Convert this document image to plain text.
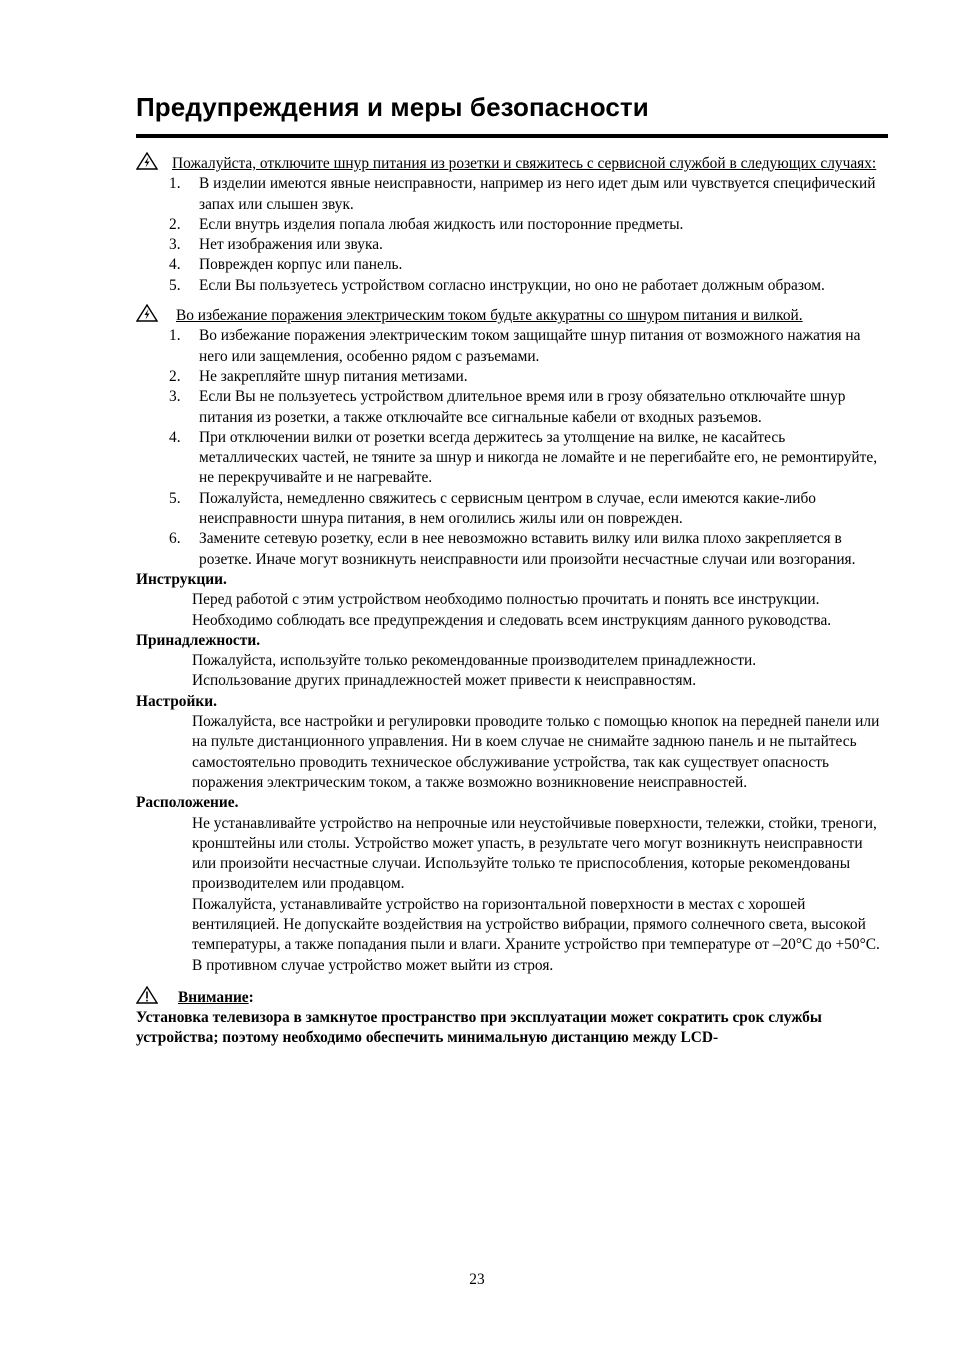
Предупреждения и меры безопасности
Пожалуйста, отключите шнур питания из розетки и свяжитесь с сервисной службой в следующих случаях:
1. В изделии имеются явные неисправности, например из него идет дым или чувствуется специфический запах или слышен звук.
2. Если внутрь изделия попала любая жидкость или посторонние предметы.
3. Нет изображения или звука.
4. Поврежден корпус или панель.
5. Если Вы пользуетесь устройством согласно инструкции, но оно не работает должным образом.
Во избежание поражения электрическим током будьте аккуратны со шнуром питания и вилкой.
1. Во избежание поражения электрическим током защищайте шнур питания от возможного нажатия на него или защемления, особенно рядом с разъемами.
2. Не закрепляйте шнур питания метизами.
3. Если Вы не пользуетесь устройством длительное время или в грозу обязательно отключайте шнур питания из розетки, а также отключайте все сигнальные кабели от входных разъемов.
4. При отключении вилки от розетки всегда держитесь за утолщение на вилке, не касайтесь металлических частей, не тяните за шнур и никогда не ломайте и не перегибайте его, не ремонтируйте, не перекручивайте и не нагревайте.
5. Пожалуйста, немедленно свяжитесь с сервисным центром в случае, если имеются какие-либо неисправности шнура питания, в нем оголились жилы или он поврежден.
6. Замените сетевую розетку, если в нее невозможно вставить вилку или вилка плохо закрепляется в розетке. Иначе могут возникнуть неисправности или произойти несчастные случаи или возгорания.
Инструкции.
Перед работой с этим устройством необходимо полностью прочитать и понять все инструкции.
Необходимо соблюдать все предупреждения и следовать всем инструкциям данного руководства.
Принадлежности.
Пожалуйста, используйте только рекомендованные производителем принадлежности.
Использование других принадлежностей может привести к неисправностям.
Настройки.
Пожалуйста, все настройки и регулировки проводите только с помощью кнопок на передней панели или на пульте дистанционного управления. Ни в коем случае не снимайте заднюю панель и не пытайтесь самостоятельно проводить техническое обслуживание устройства, так как существует опасность поражения электрическим током, а также возможно возникновение неисправностей.
Расположение.
Не устанавливайте устройство на непрочные или неустойчивые поверхности, тележки, стойки, треноги, кронштейны или столы. Устройство может упасть, в результате чего могут возникнуть неисправности или произойти несчастные случаи. Используйте только те приспособления, которые рекомендованы производителем или продавцом.
Пожалуйста, устанавливайте устройство на горизонтальной поверхности в местах с хорошей вентиляцией. Не допускайте воздействия на устройство вибрации, прямого солнечного света, высокой температуры, а также попадания пыли и влаги. Храните устройство при температуре от –20°C до +50°C. В противном случае устройство может выйти из строя.
Внимание:
Установка телевизора в замкнутое пространство при эксплуатации может сократить срок службы устройства; поэтому необходимо обеспечить минимальную дистанцию между LCD-
23
